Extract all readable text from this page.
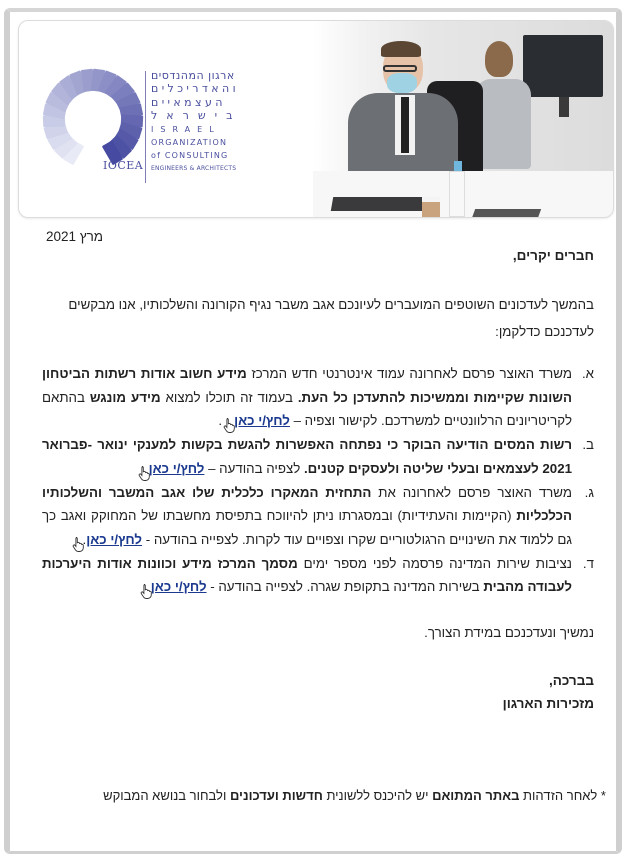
IOCEA
ארגון המהנדסים
והאדריכלים
העצמאיים
בישראל
ISRAEL
ORGANIZATION
of CONSULTING
ENGINEERS & ARCHITECTS
מרץ 2021
חברים יקרים,
בהמשך לעדכונים השוטפים המועברים לעיונכם אגב משבר נגיף הקורונה והשלכותיו, אנו מבקשים לעדכנכם כדלקמן:
א.
משרד האוצר פרסם לאחרונה עמוד אינטרנטי חדש המרכז מידע חשוב אודות רשתות הביטחון השונות שקיימות וממשיכות להתעדכן כל העת. בעמוד זה תוכלו למצוא מידע מונגש בהתאם לקריטריונים הרלוונטיים למשרדכם. לקישור וצפיה – לחץ/י כאן.
ב.
רשות המסים הודיעה הבוקר כי נפתחה האפשרות להגשת בקשות למענקי ינואר -פברואר 2021 לעצמאים ובעלי שליטה ולעסקים קטנים. לצפיה בהודעה – לחץ/י כאן
ג.
משרד האוצר פרסם לאחרונה את התחזית המאקרו כלכלית שלו אגב המשבר והשלכותיו הכלכליות (הקיימות והעתידיות) ובמסגרתו ניתן להיווכח בתפיסת מחשבתו של המחוקק ואגב כך גם ללמוד את השינויים הרגולטוריים שקרו וצפויים עוד לקרות. לצפייה בהודעה - לחץ/י כאן.
ד.
נציבות שירות המדינה פרסמה לפני מספר ימים מסמך המרכז מידע וכוונות אודות היערכות לעבודה מהבית בשירות המדינה בתקופת שגרה. לצפייה בהודעה - לחץ/י כאן
נמשיך ונעדכנכם במידת הצורך.
בברכה,
מזכירות הארגון
* לאחר הזדהות באתר המתואם יש להיכנס ללשונית חדשות ועדכונים ולבחור בנושא המבוקש
